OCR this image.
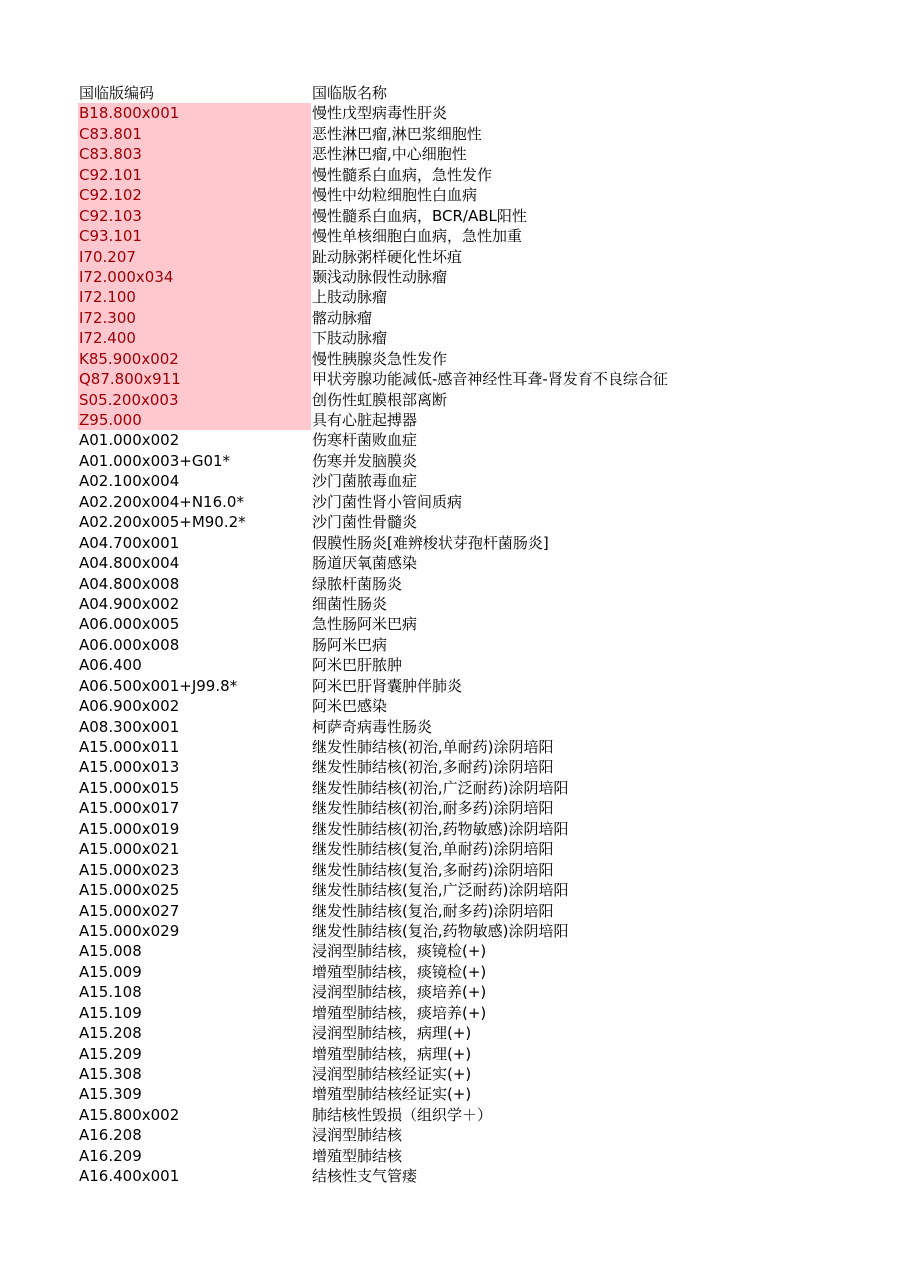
国临版编码	国临版名称
B18.800x001	慢性戊型病毒性肝炎
C83.801	恶性淋巴瘤,淋巴浆细胞性
C83.803	恶性淋巴瘤,中心细胞性
C92.101	慢性髓系白血病，急性发作
C92.102	慢性中幼粒细胞性白血病
C92.103	慢性髓系白血病，BCR/ABL阳性
C93.101	慢性单核细胞白血病，急性加重
I70.207	趾动脉粥样硬化性坏疽
I72.000x034	颞浅动脉假性动脉瘤
I72.100	上肢动脉瘤
I72.300	髂动脉瘤
I72.400	下肢动脉瘤
K85.900x002	慢性胰腺炎急性发作
Q87.800x911	甲状旁腺功能减低-感音神经性耳聋-肾发育不良综合征
S05.200x003	创伤性虹膜根部离断
Z95.000	具有心脏起搏器
A01.000x002	伤寒杆菌败血症
A01.000x003+G01*	伤寒并发脑膜炎
A02.100x004	沙门菌脓毒血症
A02.200x004+N16.0*	沙门菌性肾小管间质病
A02.200x005+M90.2*	沙门菌性骨髓炎
A04.700x001	假膜性肠炎[难辨梭状芽孢杆菌肠炎]
A04.800x004	肠道厌氧菌感染
A04.800x008	绿脓杆菌肠炎
A04.900x002	细菌性肠炎
A06.000x005	急性肠阿米巴病
A06.000x008	肠阿米巴病
A06.400	阿米巴肝脓肿
A06.500x001+J99.8*	阿米巴肝肾囊肿伴肺炎
A06.900x002	阿米巴感染
A08.300x001	柯萨奇病毒性肠炎
A15.000x011	继发性肺结核(初治,单耐药)涂阴培阳
A15.000x013	继发性肺结核(初治,多耐药)涂阴培阳
A15.000x015	继发性肺结核(初治,广泛耐药)涂阴培阳
A15.000x017	继发性肺结核(初治,耐多药)涂阴培阳
A15.000x019	继发性肺结核(初治,药物敏感)涂阴培阳
A15.000x021	继发性肺结核(复治,单耐药)涂阴培阳
A15.000x023	继发性肺结核(复治,多耐药)涂阴培阳
A15.000x025	继发性肺结核(复治,广泛耐药)涂阴培阳
A15.000x027	继发性肺结核(复治,耐多药)涂阴培阳
A15.000x029	继发性肺结核(复治,药物敏感)涂阴培阳
A15.008	浸润型肺结核，痰镜检(+)
A15.009	增殖型肺结核，痰镜检(+)
A15.108	浸润型肺结核，痰培养(+)
A15.109	增殖型肺结核，痰培养(+)
A15.208	浸润型肺结核，病理(+)
A15.209	增殖型肺结核，病理(+)
A15.308	浸润型肺结核经证实(+)
A15.309	增殖型肺结核经证实(+)
A15.800x002	肺结核性毁损（组织学＋）
A16.208	浸润型肺结核
A16.209	增殖型肺结核
A16.400x001	结核性支气管瘘
